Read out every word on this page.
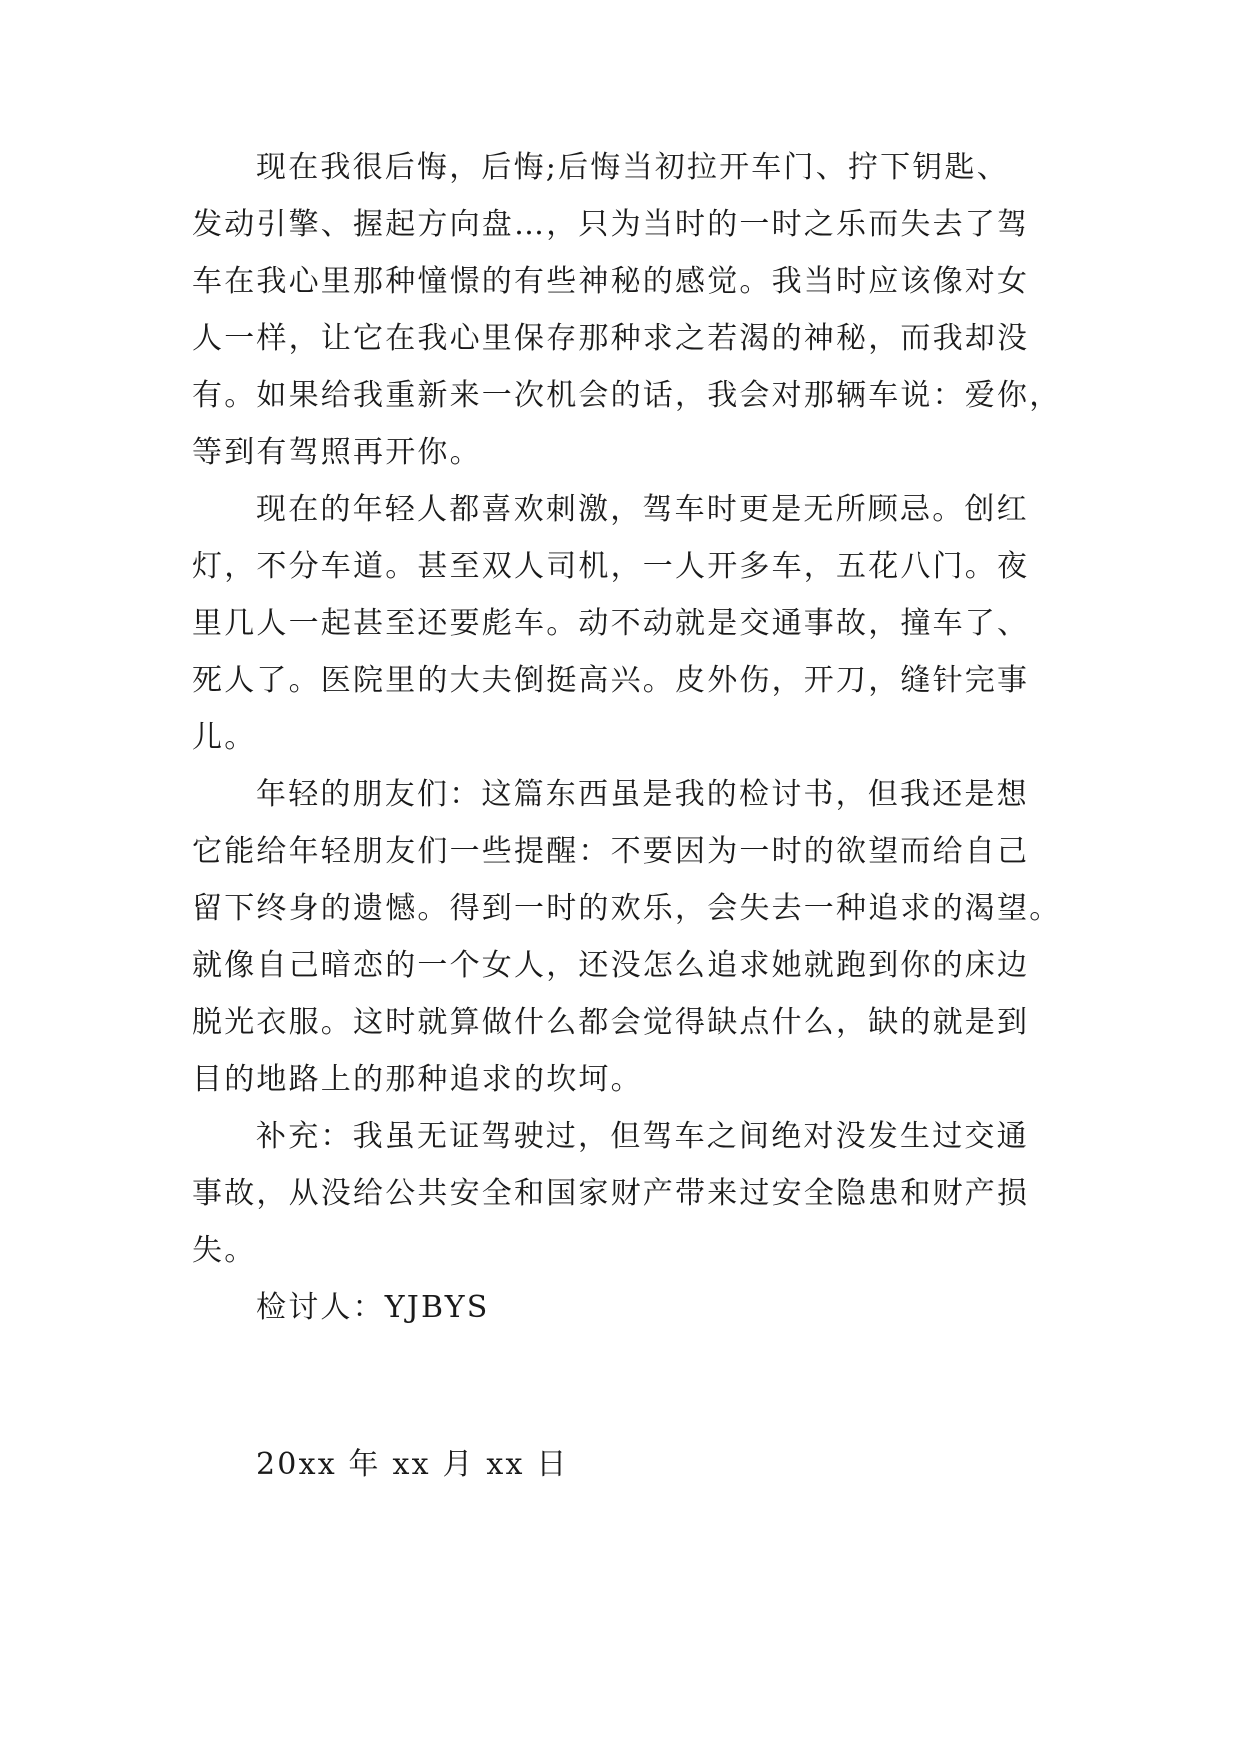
现在我很后悔，后悔;后悔当初拉开车门、拧下钥匙、
发动引擎、握起方向盘…，只为当时的一时之乐而失去了驾
车在我心里那种憧憬的有些神秘的感觉。我当时应该像对女
人一样，让它在我心里保存那种求之若渴的神秘，而我却没
有。如果给我重新来一次机会的话，我会对那辆车说：爱你，
等到有驾照再开你。
现在的年轻人都喜欢刺激，驾车时更是无所顾忌。创红
灯，不分车道。甚至双人司机，一人开多车，五花八门。夜
里几人一起甚至还要彪车。动不动就是交通事故，撞车了、
死人了。医院里的大夫倒挺高兴。皮外伤，开刀，缝针完事
儿。
年轻的朋友们：这篇东西虽是我的检讨书，但我还是想
它能给年轻朋友们一些提醒：不要因为一时的欲望而给自己
留下终身的遗憾。得到一时的欢乐，会失去一种追求的渴望。
就像自己暗恋的一个女人，还没怎么追求她就跑到你的床边
脱光衣服。这时就算做什么都会觉得缺点什么，缺的就是到
目的地路上的那种追求的坎坷。
补充：我虽无证驾驶过，但驾车之间绝对没发生过交通
事故，从没给公共安全和国家财产带来过安全隐患和财产损
失。
检讨人：YJBYS
20xx 年 xx 月 xx 日
